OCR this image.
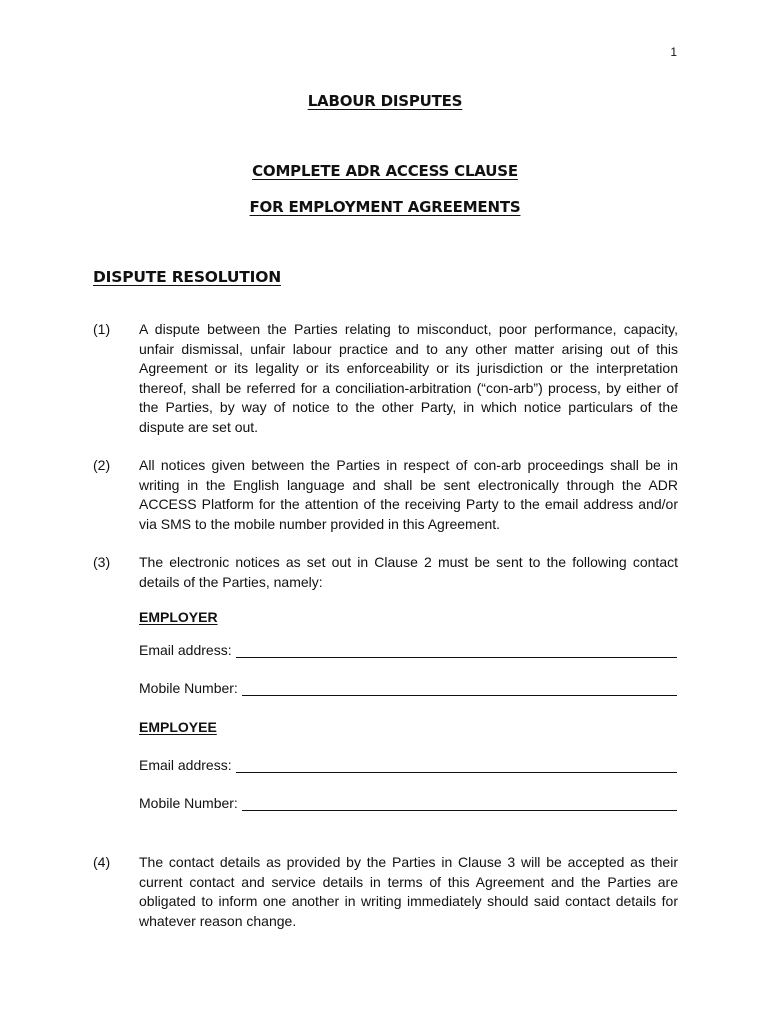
1
LABOUR DISPUTES
COMPLETE ADR ACCESS CLAUSE
FOR EMPLOYMENT AGREEMENTS
DISPUTE RESOLUTION
(1) A dispute between the Parties relating to misconduct, poor performance, capacity, unfair dismissal, unfair labour practice and to any other matter arising out of this Agreement or its legality or its enforceability or its jurisdiction or the interpretation thereof, shall be referred for a conciliation-arbitration (“con-arb”) process, by either of the Parties, by way of notice to the other Party, in which notice particulars of the dispute are set out.
(2) All notices given between the Parties in respect of con-arb proceedings shall be in writing in the English language and shall be sent electronically through the ADR ACCESS Platform for the attention of the receiving Party to the email address and/or via SMS to the mobile number provided in this Agreement.
(3) The electronic notices as set out in Clause 2 must be sent to the following contact details of the Parties, namely:
EMPLOYER
Email address:
Mobile Number:
EMPLOYEE
Email address:
Mobile Number:
(4) The contact details as provided by the Parties in Clause 3 will be accepted as their current contact and service details in terms of this Agreement and the Parties are obligated to inform one another in writing immediately should said contact details for whatever reason change.
